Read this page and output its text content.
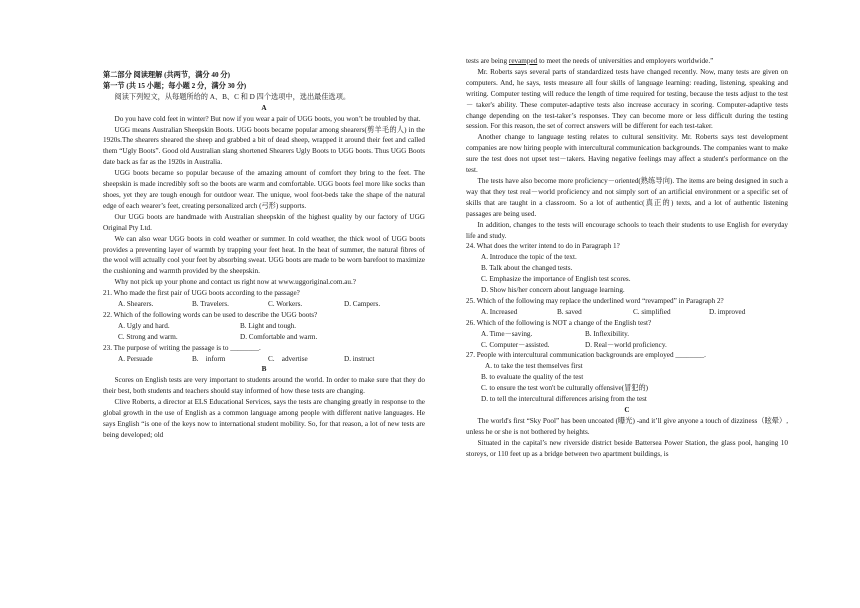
第二部分 阅读理解 (共两节，满分 40 分)

第一节 (共 15 小题；每小题 2 分，满分 30 分)

阅读下列短文，从每题所给的 A、B、C 和 D 四个选项中，选出最佳选项。

A

Do you have cold feet in winter? But now if you wear a pair of UGG boots, you won’t be troubled by that.

UGG means Australian Sheepskin Boots. UGG boots became popular among shearers(剪羊毛的人) in the 1920s.The shearers sheared the sheep and grabbed a bit of dead sheep, wrapped it around their feet and called them “Ugly Boots”. Good old Australian slang shortened Shearers Ugly Boots to UGG boots. Thus UGG Boots date back as far as the 1920s in Australia.

UGG boots became so popular because of the amazing amount of comfort they bring to the feet. The sheepskin is made incredibly soft so the boots are warm and comfortable. UGG boots feel more like socks than shoes, yet they are tough enough for outdoor wear. The unique, wool foot-beds take the shape of the natural edge of each wearer’s feet, creating personalized arch (弓形) supports.

Our UGG boots are handmade with Australian sheepskin of the highest quality by our factory of UGG Original Pty Ltd.

We can also wear UGG boots in cold weather or summer. In cold weather, the thick wool of UGG boots provides a preventing layer of warmth by trapping your feet heat. In the heat of summer, the natural fibres of the wool will actually cool your feet by absorbing sweat. UGG boots are made to be worn barefoot to maximize the cushioning and warmth provided by the sheepskin.

Why not pick up your phone and contact us right now at www.uggoriginal.com.au.?

21. Who made the first pair of UGG boots according to the passage?

A. Shearers.	B. Travelers.	C. Workers.	D. Campers.

22. Which of the following words can be used to describe the UGG boots?

A. Ugly and hard.	B. Light and tough.
C. Strong and warm.	D. Comfortable and warm.

23. The purpose of writing the passage is to ________.

A. Persuade	B.    inform	C.    advertise	D. instruct

B

Scores on English tests are very important to students around the world. In order to make sure that they do their best, both students and teachers should stay informed of how these tests are changing.

Clive Roberts, a director at ELS Educational Services, says the tests are changing greatly in response to the global growth in the use of English as a common language among people with different native languages. He says English “is one of the keys now to international student mobility. So, for that reason, a lot of new tests are being developed; old

tests are being revamped to meet the needs of universities and employers worldwide.”

Mr. Roberts says several parts of standardized tests have changed recently. Now, many tests are given on computers. And, he says, tests measure all four skills of language learning: reading, listening, speaking and writing. Computer testing will reduce the length of time required for testing, because the tests adjust to the test － taker's ability. These computer-adaptive tests also increase accuracy in scoring. Computer-adaptive tests change depending on the test-taker’s responses. They can become more or less difficult during the testing session. For this reason, the set of correct answers will be different for each test-taker.

Another change to language testing relates to cultural sensitivity. Mr. Roberts says test development companies are now hiring people with intercultural communication backgrounds. The companies want to make sure the test does not upset test－takers. Having negative feelings may affect a student's performance on the test.

The tests have also become more proficiency－oriented(熟练导向). The items are being designed in such a way that they test real－world proficiency and not simply sort of an artificial environment or a specific set of skills that are taught in a classroom. So a lot of authentic(真正的) texts, and a lot of authentic listening passages are being used.

In addition, changes to the tests will encourage schools to teach their students to use English for everyday life and study.

24. What does the writer intend to do in Paragraph 1?

A. Introduce the topic of the text.

B. Talk about the changed tests.

C. Emphasize the importance of English test scores.

D. Show his/her concern about language learning.

25. Which of the following may replace the underlined word “revamped” in Paragraph 2?

A. Increased	B. saved	C. simplified	D. improved

26. Which of the following is NOT a change of the English test?

A. Time－saving.	B. Inflexibility.
C. Computer－assisted.	D. Real－world proficiency.

27. People with intercultural communication backgrounds are employed ________.

A. to take the test themselves first

B. to evaluate the quality of the test

C. to ensure the test won't be culturally offensive(冒犯的)

D. to tell the intercultural differences arising from the test

C

The world's first “Sky Pool” has been uncoated (曝光) -and it’ll give anyone a touch of dizziness（眩晕）, unless he or she is not bothered by heights.

Situated in the capital’s new riverside district beside Battersea Power Station, the glass pool, hanging 10 storeys, or 110 feet up as a bridge between two apartment buildings, is
